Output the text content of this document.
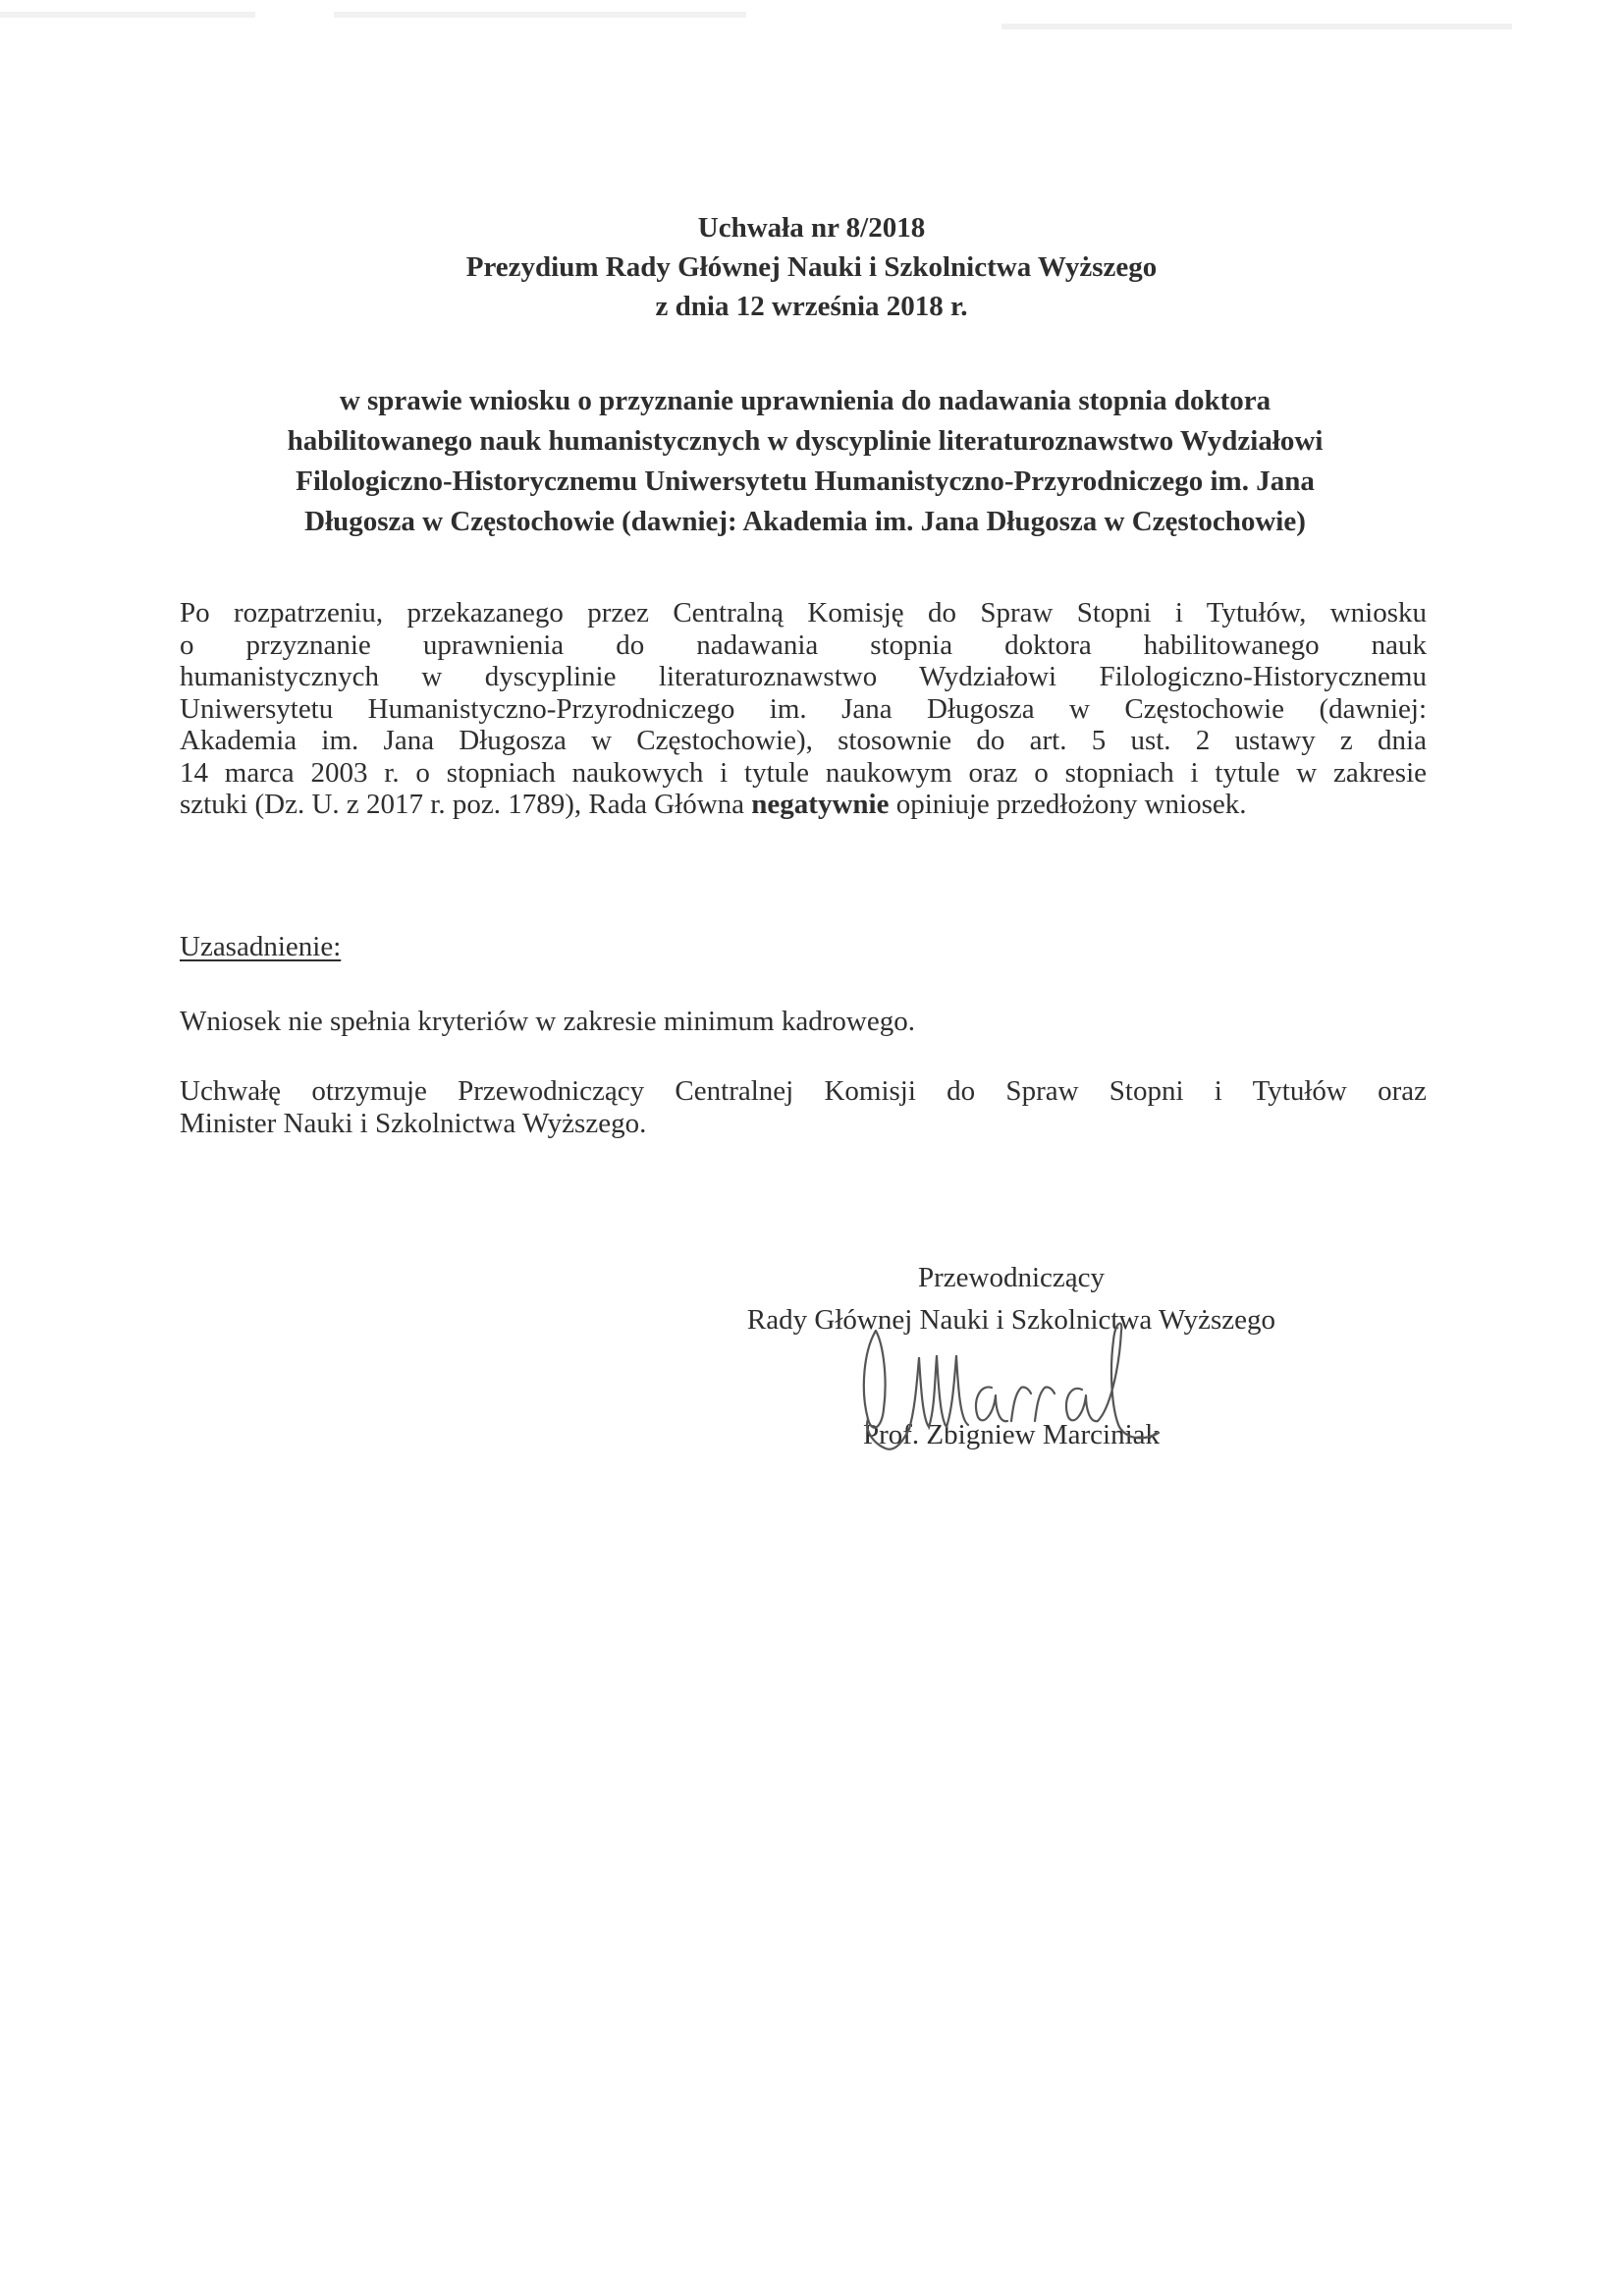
Uchwała nr 8/2018
Prezydium Rady Głównej Nauki i Szkolnictwa Wyższego
z dnia 12 września 2018 r.
w sprawie wniosku o przyznanie uprawnienia do nadawania stopnia doktora
habilitowanego nauk humanistycznych w dyscyplinie literaturoznawstwo Wydziałowi
Filologiczno-Historycznemu Uniwersytetu Humanistyczno-Przyrodniczego im. Jana
Długosza w Częstochowie (dawniej: Akademia im. Jana Długosza w Częstochowie)
Po rozpatrzeniu, przekazanego przez Centralną Komisję do Spraw Stopni i Tytułów, wniosku
o przyznanie uprawnienia do nadawania stopnia doktora habilitowanego nauk
humanistycznych w dyscyplinie literaturoznawstwo Wydziałowi Filologiczno-Historycznemu
Uniwersytetu Humanistyczno-Przyrodniczego im. Jana Długosza w Częstochowie (dawniej:
Akademia im. Jana Długosza w Częstochowie), stosownie do art. 5 ust. 2 ustawy z dnia
14 marca 2003 r. o stopniach naukowych i tytule naukowym oraz o stopniach i tytule w zakresie
sztuki (Dz. U. z 2017 r. poz. 1789), Rada Główna negatywnie opiniuje przedłożony wniosek.
Uzasadnienie:
Wniosek nie spełnia kryteriów w zakresie minimum kadrowego.
Uchwałę otrzymuje Przewodniczący Centralnej Komisji do Spraw Stopni i Tytułów oraz
Minister Nauki i Szkolnictwa Wyższego.
Przewodniczący
Rady Głównej Nauki i Szkolnictwa Wyższego
Prof. Zbigniew Marciniak
